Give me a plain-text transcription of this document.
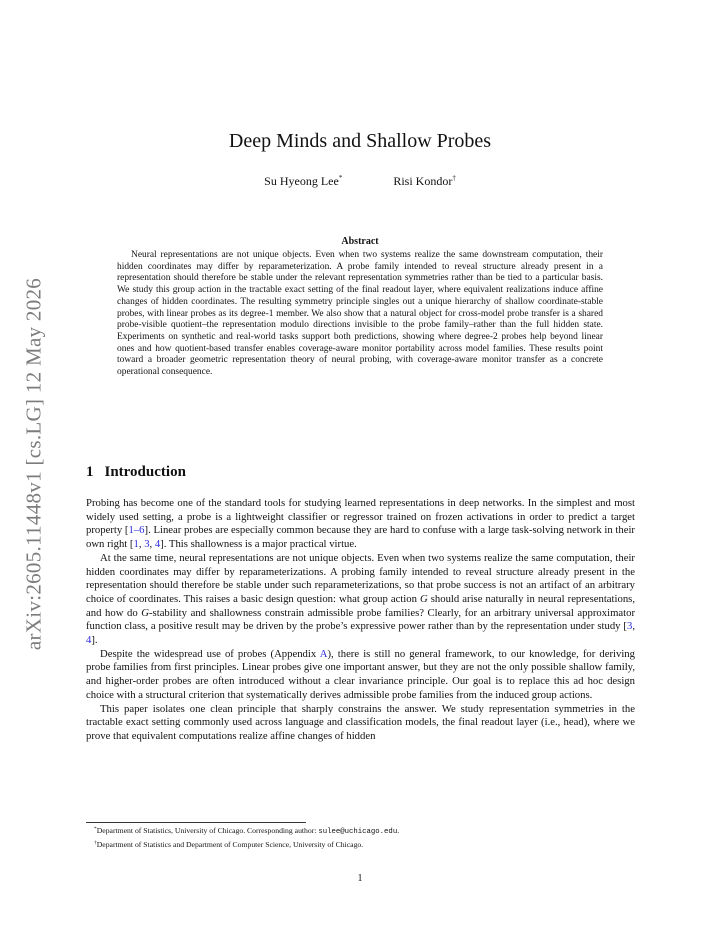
arXiv:2605.11448v1 [cs.LG] 12 May 2026
Deep Minds and Shallow Probes
Su Hyeong Lee*	Risi Kondor†
Abstract
Neural representations are not unique objects. Even when two systems realize the same downstream computation, their hidden coordinates may differ by reparameterization. A probe family intended to reveal structure already present in a representation should therefore be stable under the relevant representation symmetries rather than be tied to a particular basis. We study this group action in the tractable exact setting of the final readout layer, where equivalent realizations induce affine changes of hidden coordinates. The resulting symmetry principle singles out a unique hierarchy of shallow coordinate-stable probes, with linear probes as its degree-1 member. We also show that a natural object for cross-model probe transfer is a shared probe-visible quotient–the representation modulo directions invisible to the probe family–rather than the full hidden state. Experiments on synthetic and real-world tasks support both predictions, showing where degree-2 probes help beyond linear ones and how quotient-based transfer enables coverage-aware monitor portability across model families. These results point toward a broader geometric representation theory of neural probing, with coverage-aware monitor transfer as a concrete operational consequence.
1 Introduction

Probing has become one of the standard tools for studying learned representations in deep networks. In the simplest and most widely used setting, a probe is a lightweight classifier or regressor trained on frozen activations in order to predict a target property [1–6]. Linear probes are especially common because they are hard to confuse with a large task-solving network in their own right [1, 3, 4]. This shallowness is a major practical virtue.

At the same time, neural representations are not unique objects. Even when two systems realize the same computation, their hidden coordinates may differ by reparameterizations. A probing family intended to reveal structure already present in the representation should therefore be stable under such reparameterizations, so that probe success is not an artifact of an arbitrary choice of coordinates. This raises a basic design question: what group action G should arise naturally in neural representations, and how do G-stability and shallowness constrain admissible probe families? Clearly, for an arbitrary universal approximator function class, a positive result may be driven by the probe’s expressive power rather than by the representation under study [3, 4].

Despite the widespread use of probes (Appendix A), there is still no general framework, to our knowledge, for deriving probe families from first principles. Linear probes give one important answer, but they are not the only possible shallow family, and higher-order probes are often introduced without a clear invariance principle. Our goal is to replace this ad hoc design choice with a structural criterion that systematically derives admissible probe families from the induced group actions.

This paper isolates one clean principle that sharply constrains the answer. We study representation symmetries in the tractable exact setting commonly used across language and classification models, the final readout layer (i.e., head), where we prove that equivalent computations realize affine changes of hidden

*Department of Statistics, University of Chicago. Corresponding author: sulee@uchicago.edu.
†Department of Statistics and Department of Computer Science, University of Chicago.
1
